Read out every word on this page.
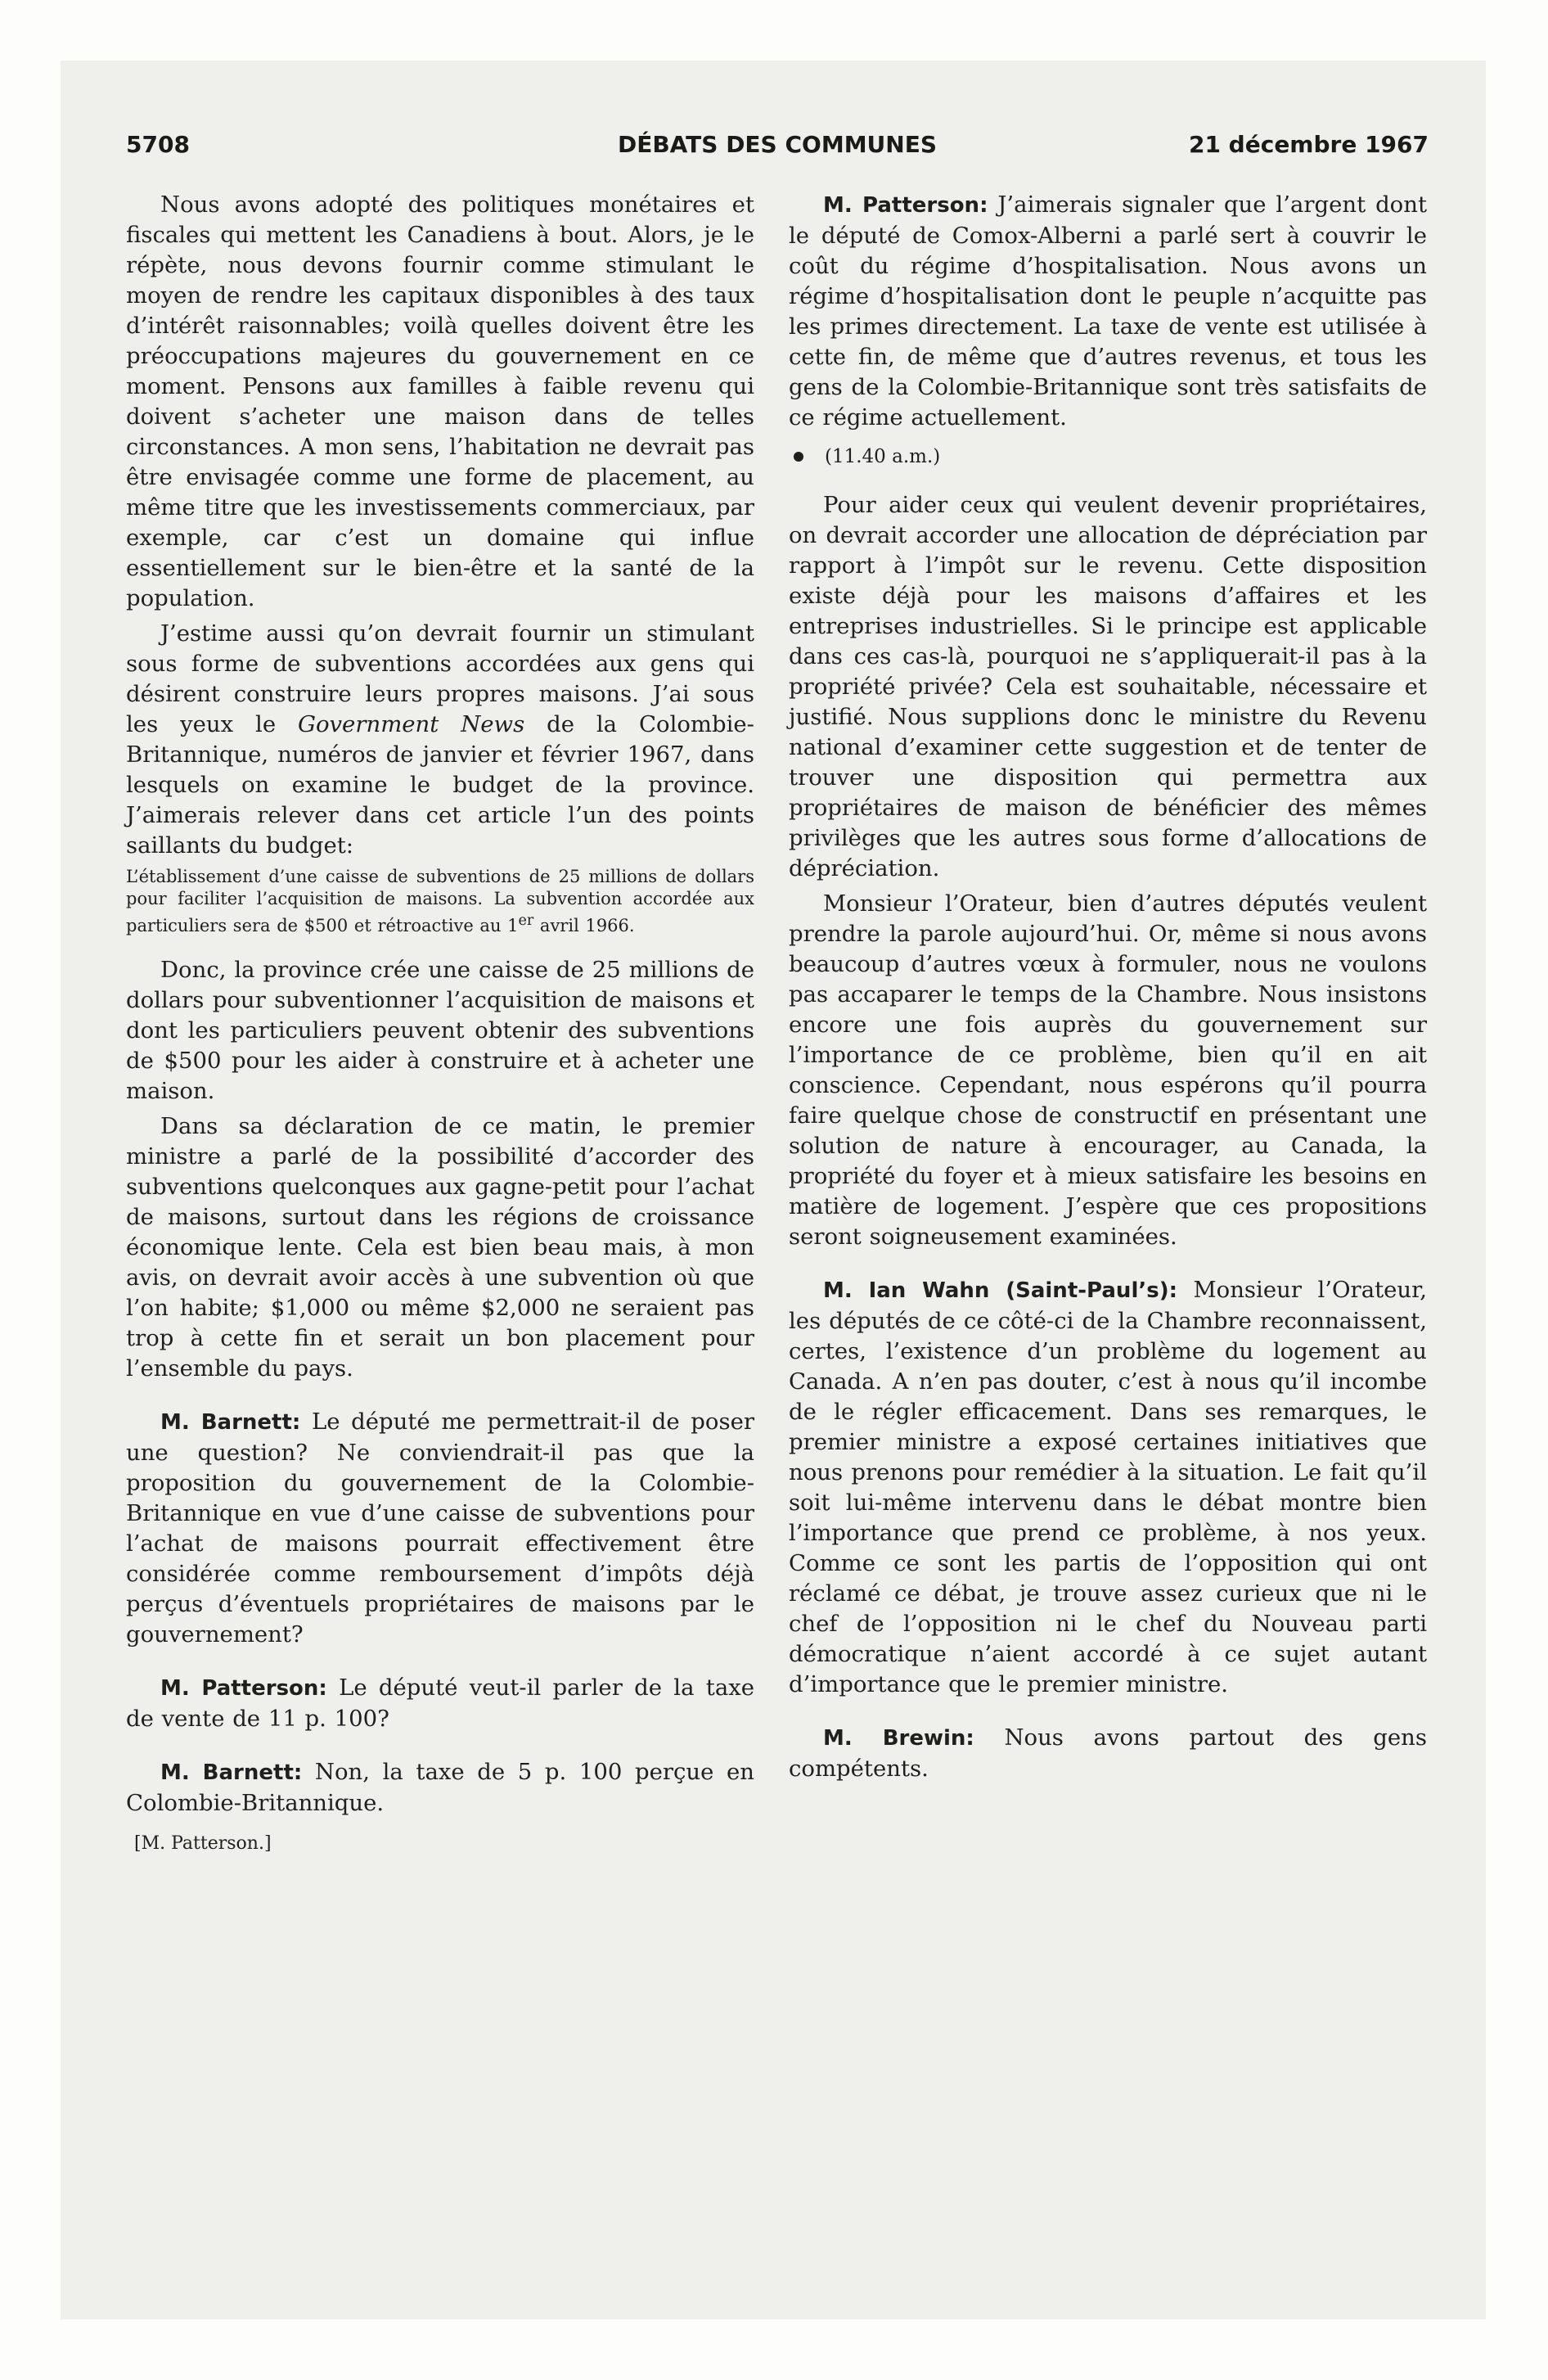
5708	DÉBATS DES COMMUNES	21 décembre 1967

Nous avons adopté des politiques monétaires et fiscales qui mettent les Canadiens à bout. Alors, je le répète, nous devons fournir comme stimulant le moyen de rendre les capitaux disponibles à des taux d’intérêt raisonnables; voilà quelles doivent être les préoccupations majeures du gouvernement en ce moment. Pensons aux familles à faible revenu qui doivent s’acheter une maison dans de telles circonstances. A mon sens, l’habitation ne devrait pas être envisagée comme une forme de placement, au même titre que les investissements commerciaux, par exemple, car c’est un domaine qui influe essentiellement sur le bien-être et la santé de la population.

J’estime aussi qu’on devrait fournir un stimulant sous forme de subventions accordées aux gens qui désirent construire leurs propres maisons. J’ai sous les yeux le Government News de la Colombie-Britannique, numéros de janvier et février 1967, dans lesquels on examine le budget de la province. J’aimerais relever dans cet article l’un des points saillants du budget:

L’établissement d’une caisse de subventions de 25 millions de dollars pour faciliter l’acquisition de maisons. La subvention accordée aux particuliers sera de $500 et rétroactive au 1er avril 1966.

Donc, la province crée une caisse de 25 millions de dollars pour subventionner l’acquisition de maisons et dont les particuliers peuvent obtenir des subventions de $500 pour les aider à construire et à acheter une maison.

Dans sa déclaration de ce matin, le premier ministre a parlé de la possibilité d’accorder des subventions quelconques aux gagne-petit pour l’achat de maisons, surtout dans les régions de croissance économique lente. Cela est bien beau mais, à mon avis, on devrait avoir accès à une subvention où que l’on habite; $1,000 ou même $2,000 ne seraient pas trop à cette fin et serait un bon placement pour l’ensemble du pays.

M. Barnett: Le député me permettrait-il de poser une question? Ne conviendrait-il pas que la proposition du gouvernement de la Colombie-Britannique en vue d’une caisse de subventions pour l’achat de maisons pourrait effectivement être considérée comme remboursement d’impôts déjà perçus d’éventuels propriétaires de maisons par le gouvernement?

M. Patterson: Le député veut-il parler de la taxe de vente de 11 p. 100?

M. Barnett: Non, la taxe de 5 p. 100 perçue en Colombie-Britannique.

[M. Patterson.]

M. Patterson: J’aimerais signaler que l’argent dont le député de Comox-Alberni a parlé sert à couvrir le coût du régime d’hospitalisation. Nous avons un régime d’hospitalisation dont le peuple n’acquitte pas les primes directement. La taxe de vente est utilisée à cette fin, de même que d’autres revenus, et tous les gens de la Colombie-Britannique sont très satisfaits de ce régime actuellement.

(11.40 a.m.)

Pour aider ceux qui veulent devenir propriétaires, on devrait accorder une allocation de dépréciation par rapport à l’impôt sur le revenu. Cette disposition existe déjà pour les maisons d’affaires et les entreprises industrielles. Si le principe est applicable dans ces cas-là, pourquoi ne s’appliquerait-il pas à la propriété privée? Cela est souhaitable, nécessaire et justifié. Nous supplions donc le ministre du Revenu national d’examiner cette suggestion et de tenter de trouver une disposition qui permettra aux propriétaires de maison de bénéficier des mêmes privilèges que les autres sous forme d’allocations de dépréciation.

Monsieur l’Orateur, bien d’autres députés veulent prendre la parole aujourd’hui. Or, même si nous avons beaucoup d’autres vœux à formuler, nous ne voulons pas accaparer le temps de la Chambre. Nous insistons encore une fois auprès du gouvernement sur l’importance de ce problème, bien qu’il en ait conscience. Cependant, nous espérons qu’il pourra faire quelque chose de constructif en présentant une solution de nature à encourager, au Canada, la propriété du foyer et à mieux satisfaire les besoins en matière de logement. J’espère que ces propositions seront soigneusement examinées.

M. Ian Wahn (Saint-Paul’s): Monsieur l’Orateur, les députés de ce côté-ci de la Chambre reconnaissent, certes, l’existence d’un problème du logement au Canada. A n’en pas douter, c’est à nous qu’il incombe de le régler efficacement. Dans ses remarques, le premier ministre a exposé certaines initiatives que nous prenons pour remédier à la situation. Le fait qu’il soit lui-même intervenu dans le débat montre bien l’importance que prend ce problème, à nos yeux. Comme ce sont les partis de l’opposition qui ont réclamé ce débat, je trouve assez curieux que ni le chef de l’opposition ni le chef du Nouveau parti démocratique n’aient accordé à ce sujet autant d’importance que le premier ministre.

M. Brewin: Nous avons partout des gens compétents.
